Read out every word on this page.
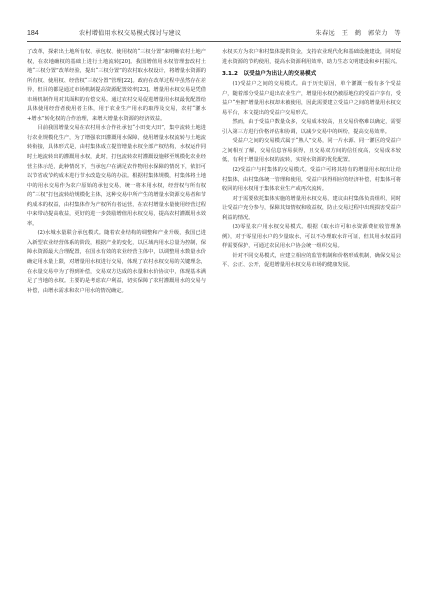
184	农村增值用水权交易模式探讨与建议	朱春远　王　鹤　郭荣力　等

了改革，探索出土地所有权、承包权、使用权的“三权分置”来明晰农村土地产权，在农地确权的基础上进行土地流转[20]。我国增值用水权管理套改村土地“三权分置”改革经验，提出“三权分置”的农村取水权设计，将增量水资源的所有权、使用权、经营权“三权分置”管理[22]。政府在改革过程中虽然存在差异，但目的都是通过市场机制提高资源配置效率[23]。增量用水权交易是凭借市场机制作用对其面积的有偿交易。通过农村交易促进增量用水权最优配置给具体使用经营者使用者主体，用于农业生产用水的取得及交易，农村“灌水+增水”转化权的合作治理，来增大增量水资源的经济效益。

目前我国增量交易在农村用水合作社承包“小田变大田”，集中流转土地进行农业规模化生产，为了增强农田灌溉用水保障，使用增量水权流转与土地流转衔接，具体形式是，由村集体成立提管增量水权全部产权结构，水权运作同时土地流转出的灌溉用水权，此时，打包流转农村灌溉设施移至规模化农业经营主体示范，此种情况下，当承包户在满足农作物用水保障的情况下，依旧可以节省或节约成本进行节水改造交易的办法。根据村集体规模，村集体将土地中的用水交易作为农户原始的承包交易，统一将本用水权，经营权与所有权的“三权”打包流转给规模化主体，这种交易中所产生的增量水资源交易者和节约成本的权益，由村集体作为产权所有者运营，在农村增量水量使用经营过程中来带动提高收益，更好的进一步鼓励增值用水权交易，提高农村灌溉用水效率。

(2)水城水量联合承包模式。随着农业结构的调整和产业升级，我国已进入新型农业经营体系的阶段，根据产业的变化，以区域内用水总量为控制，保障水资源最大合理配置，在国水有效的农业经营主体中，以调整用水数量水价确定用水量上限，对增量用水权进行交易，体现了农村水权交易的关键理念，在水量交易中为了得到补偿，交易双方达成的水量和水价协议中，体现基本满足了当地的水权。主要的是考虑农户利益，切实保障了农村灌溉用水的交易与补偿，由增水需求和农户用水的情况确定。

水权买方为农户和村集体提供资金，支持农业现代化和基础设施建设，同时促进水资源的节约使用，提高水资源利用效率，助力生态文明建设和乡村振兴。

3.1.2　以受益户为出让人的交易模式

(1)受益户之间的交易模式。由于历史原因，单个灌溉一般有多个受益户，随着部分受益户退出农业生产，增量用水权仍被原地位的受益户享有，受益户“坐拥”增量用水权却未被使用，因此需要建立受益户之间的增量用水权交易平台，本文提出的受益户交易形式。

然而，由于受益户数量众多，交易成本较高，且交易价格难以确定，需要引入第三方进行价格评估和协调，以减少交易中的纠纷，提高交易效率。

受益户之间的交易模式属于“熟人”交易，同一片水源、同一灌区的受益户之间相互了解，交易信息容易获得，且交易双方间的信任度高，交易成本较低，有利于增量用水权的流转，实现水资源的优化配置。

(2)受益户与村集体的交易模式。受益户可将其持有的增量用水权出让给村集体，由村集体统一管理和使用，受益户获得相应的经济补偿，村集体可将收回的用水权用于集体农业生产或再次流转。

对于需要依托集体实施的增量用水权交易，建议由村集体负责组织，同时让受益户充分参与，保障其知情权和收益权，防止交易过程中出现损害受益户利益的情况。

(3)零星农户用水权交易模式。根据《取水许可和水资源费征收管理条例》，对于零星用水户的少量取水，可以不办理取水许可证，但其用水权益同样需要保护，可通过农民用水户协会统一组织交易。

针对不同交易模式，应建立相应的监管机制和价格形成机制，确保交易公平、公正、公开，促进增量用水权交易市场的健康发展。
